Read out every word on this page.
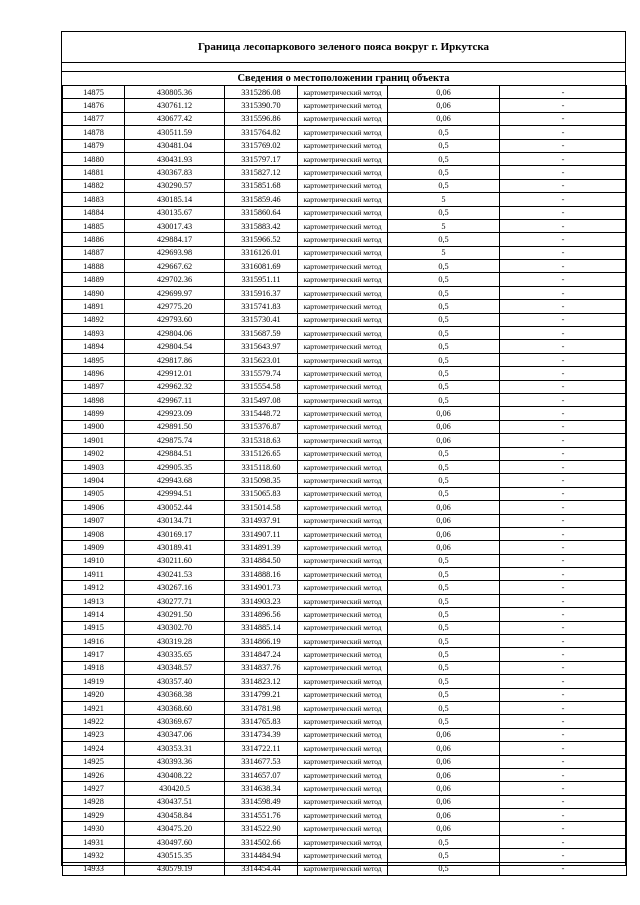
Граница лесопаркового зеленого пояса вокруг г. Иркутска
Сведения о местоположении границ объекта
14875	430805.36	3315286.08	картометрический метод	0,06	-
14876	430761.12	3315390.70	картометрический метод	0,06	-
14877	430677.42	3315596.86	картометрический метод	0,06	-
14878	430511.59	3315764.82	картометрический метод	0,5	-
14879	430481.04	3315769.02	картометрический метод	0,5	-
14880	430431.93	3315797.17	картометрический метод	0,5	-
14881	430367.83	3315827.12	картометрический метод	0,5	-
14882	430290.57	3315851.68	картометрический метод	0,5	-
14883	430185.14	3315859.46	картометрический метод	5	-
14884	430135.67	3315860.64	картометрический метод	0,5	-
14885	430017.43	3315883.42	картометрический метод	5	-
14886	429884.17	3315966.52	картометрический метод	0,5	-
14887	429693.98	3316126.01	картометрический метод	5	-
14888	429667.62	3316081.69	картометрический метод	0,5	-
14889	429702.36	3315951.11	картометрический метод	0,5	-
14890	429699.97	3315916.37	картометрический метод	0,5	-
14891	429775.20	3315741.83	картометрический метод	0,5	-
14892	429793.60	3315730.41	картометрический метод	0,5	-
14893	429804.06	3315687.59	картометрический метод	0,5	-
14894	429804.54	3315643.97	картометрический метод	0,5	-
14895	429817.86	3315623.01	картометрический метод	0,5	-
14896	429912.01	3315579.74	картометрический метод	0,5	-
14897	429962.32	3315554.58	картометрический метод	0,5	-
14898	429967.11	3315497.08	картометрический метод	0,5	-
14899	429923.09	3315448.72	картометрический метод	0,06	-
14900	429891.50	3315376.87	картометрический метод	0,06	-
14901	429875.74	3315318.63	картометрический метод	0,06	-
14902	429884.51	3315126.65	картометрический метод	0,5	-
14903	429905.35	3315118.60	картометрический метод	0,5	-
14904	429943.68	3315098.35	картометрический метод	0,5	-
14905	429994.51	3315065.83	картометрический метод	0,5	-
14906	430052.44	3315014.58	картометрический метод	0,06	-
14907	430134.71	3314937.91	картометрический метод	0,06	-
14908	430169.17	3314907.11	картометрический метод	0,06	-
14909	430189.41	3314891.39	картометрический метод	0,06	-
14910	430211.60	3314884.50	картометрический метод	0,5	-
14911	430241.53	3314888.16	картометрический метод	0,5	-
14912	430267.16	3314901.73	картометрический метод	0,5	-
14913	430277.71	3314903.23	картометрический метод	0,5	-
14914	430291.50	3314896.56	картометрический метод	0,5	-
14915	430302.70	3314885.14	картометрический метод	0,5	-
14916	430319.28	3314866.19	картометрический метод	0,5	-
14917	430335.65	3314847.24	картометрический метод	0,5	-
14918	430348.57	3314837.76	картометрический метод	0,5	-
14919	430357.40	3314823.12	картометрический метод	0,5	-
14920	430368.38	3314799.21	картометрический метод	0,5	-
14921	430368.60	3314781.98	картометрический метод	0,5	-
14922	430369.67	3314765.83	картометрический метод	0,5	-
14923	430347.06	3314734.39	картометрический метод	0,06	-
14924	430353.31	3314722.11	картометрический метод	0,06	-
14925	430393.36	3314677.53	картометрический метод	0,06	-
14926	430408.22	3314657.07	картометрический метод	0,06	-
14927	430420.5	3314638.34	картометрический метод	0,06	-
14928	430437.51	3314598.49	картометрический метод	0,06	-
14929	430458.84	3314551.76	картометрический метод	0,06	-
14930	430475.20	3314522.90	картометрический метод	0,06	-
14931	430497.60	3314502.66	картометрический метод	0,5	-
14932	430515.35	3314484.94	картометрический метод	0,5	-
14933	430579.19	3314454.44	картометрический метод	0,5	-
